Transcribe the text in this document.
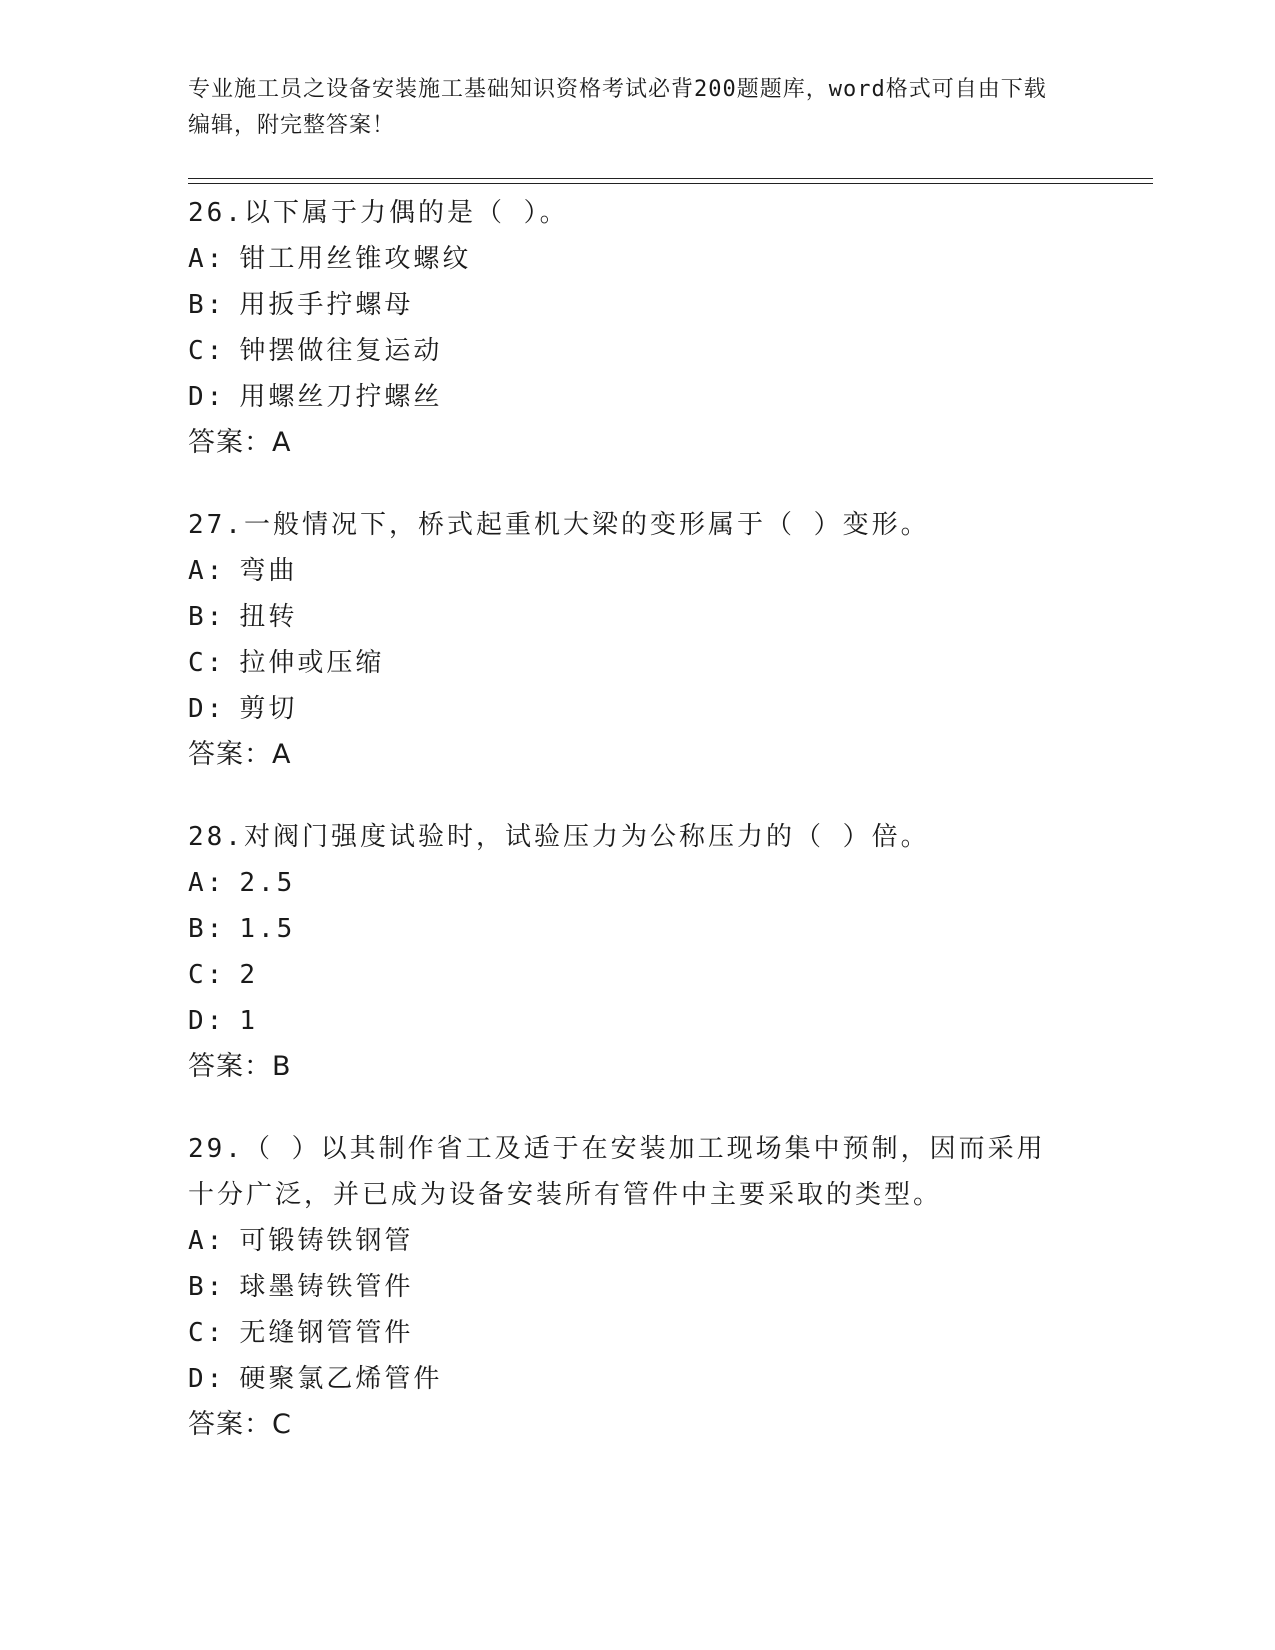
专业施工员之设备安装施工基础知识资格考试必背200题题库，word格式可自由下载编辑，附完整答案！

26.以下属于力偶的是（ ）。

A: 钳工用丝锥攻螺纹

B: 用扳手拧螺母

C: 钟摆做往复运动

D: 用螺丝刀拧螺丝

答案：A

27.一般情况下，桥式起重机大梁的变形属于（ ）变形。

A: 弯曲

B: 扭转

C: 拉伸或压缩

D: 剪切

答案：A

28.对阀门强度试验时，试验压力为公称压力的（ ）倍。

A: 2.5

B: 1.5

C: 2

D: 1

答案：B

29.（ ）以其制作省工及适于在安装加工现场集中预制，因而采用十分广泛，并已成为设备安装所有管件中主要采取的类型。

A: 可锻铸铁钢管

B: 球墨铸铁管件

C: 无缝钢管管件

D: 硬聚氯乙烯管件

答案：C
